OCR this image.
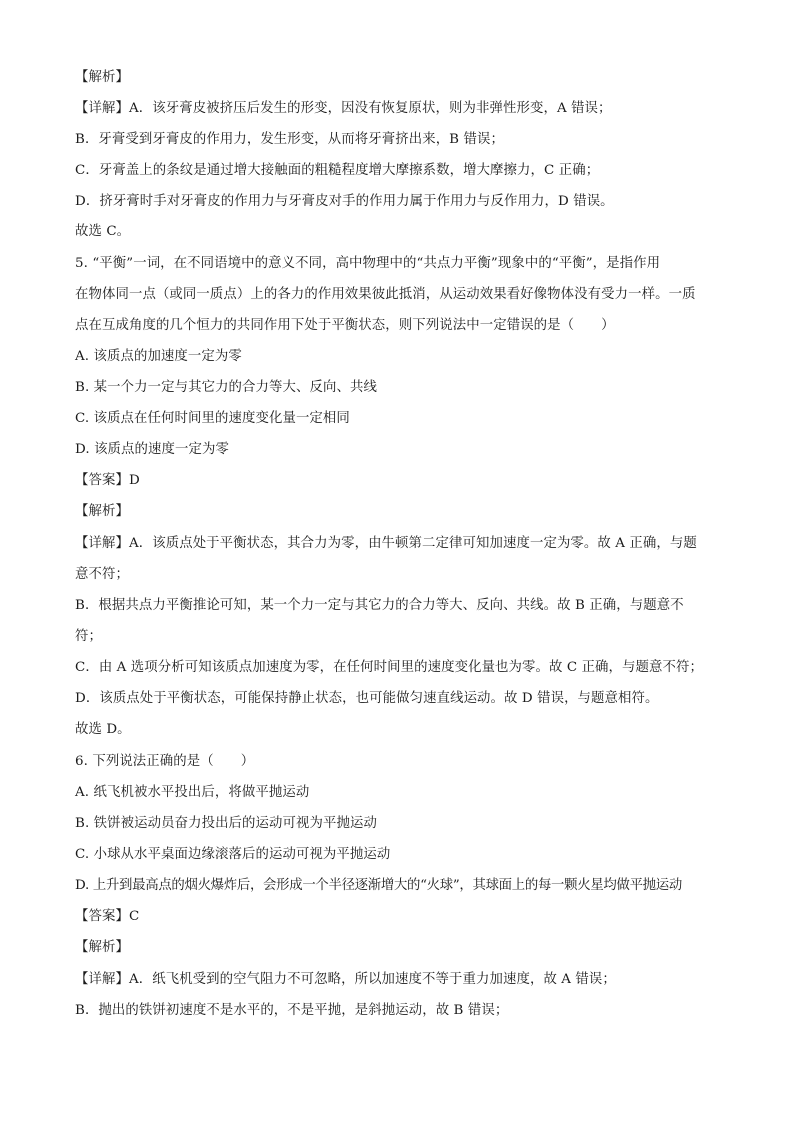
【解析】
【详解】A．该牙膏皮被挤压后发生的形变，因没有恢复原状，则为非弹性形变，A 错误；
B．牙膏受到牙膏皮的作用力，发生形变，从而将牙膏挤出来，B 错误；
C．牙膏盖上的条纹是通过增大接触面的粗糙程度增大摩擦系数，增大摩擦力，C 正确；
D．挤牙膏时手对牙膏皮的作用力与牙膏皮对手的作用力属于作用力与反作用力，D 错误。
故选 C。
5. “平衡”一词，在不同语境中的意义不同，高中物理中的“共点力平衡”现象中的“平衡”，是指作用
在物体同一点（或同一质点）上的各力的作用效果彼此抵消，从运动效果看好像物体没有受力一样。一质
点在互成角度的几个恒力的共同作用下处于平衡状态，则下列说法中一定错误的是（　　）
A. 该质点的加速度一定为零
B. 某一个力一定与其它力的合力等大、反向、共线
C. 该质点在任何时间里的速度变化量一定相同
D. 该质点的速度一定为零
【答案】D
【解析】
【详解】A．该质点处于平衡状态，其合力为零，由牛顿第二定律可知加速度一定为零。故 A 正确，与题
意不符；
B．根据共点力平衡推论可知，某一个力一定与其它力的合力等大、反向、共线。故 B 正确，与题意不
符；
C．由 A 选项分析可知该质点加速度为零，在任何时间里的速度变化量也为零。故 C 正确，与题意不符；
D．该质点处于平衡状态，可能保持静止状态，也可能做匀速直线运动。故 D 错误，与题意相符。
故选 D。
6. 下列说法正确的是（　　）
A. 纸飞机被水平投出后，将做平抛运动
B. 铁饼被运动员奋力投出后的运动可视为平抛运动
C. 小球从水平桌面边缘滚落后的运动可视为平抛运动
D. 上升到最高点的烟火爆炸后，会形成一个半径逐渐增大的“火球”，其球面上的每一颗火星均做平抛运动
【答案】C
【解析】
【详解】A．纸飞机受到的空气阻力不可忽略，所以加速度不等于重力加速度，故 A 错误；
B．抛出的铁饼初速度不是水平的，不是平抛，是斜抛运动，故 B 错误；
